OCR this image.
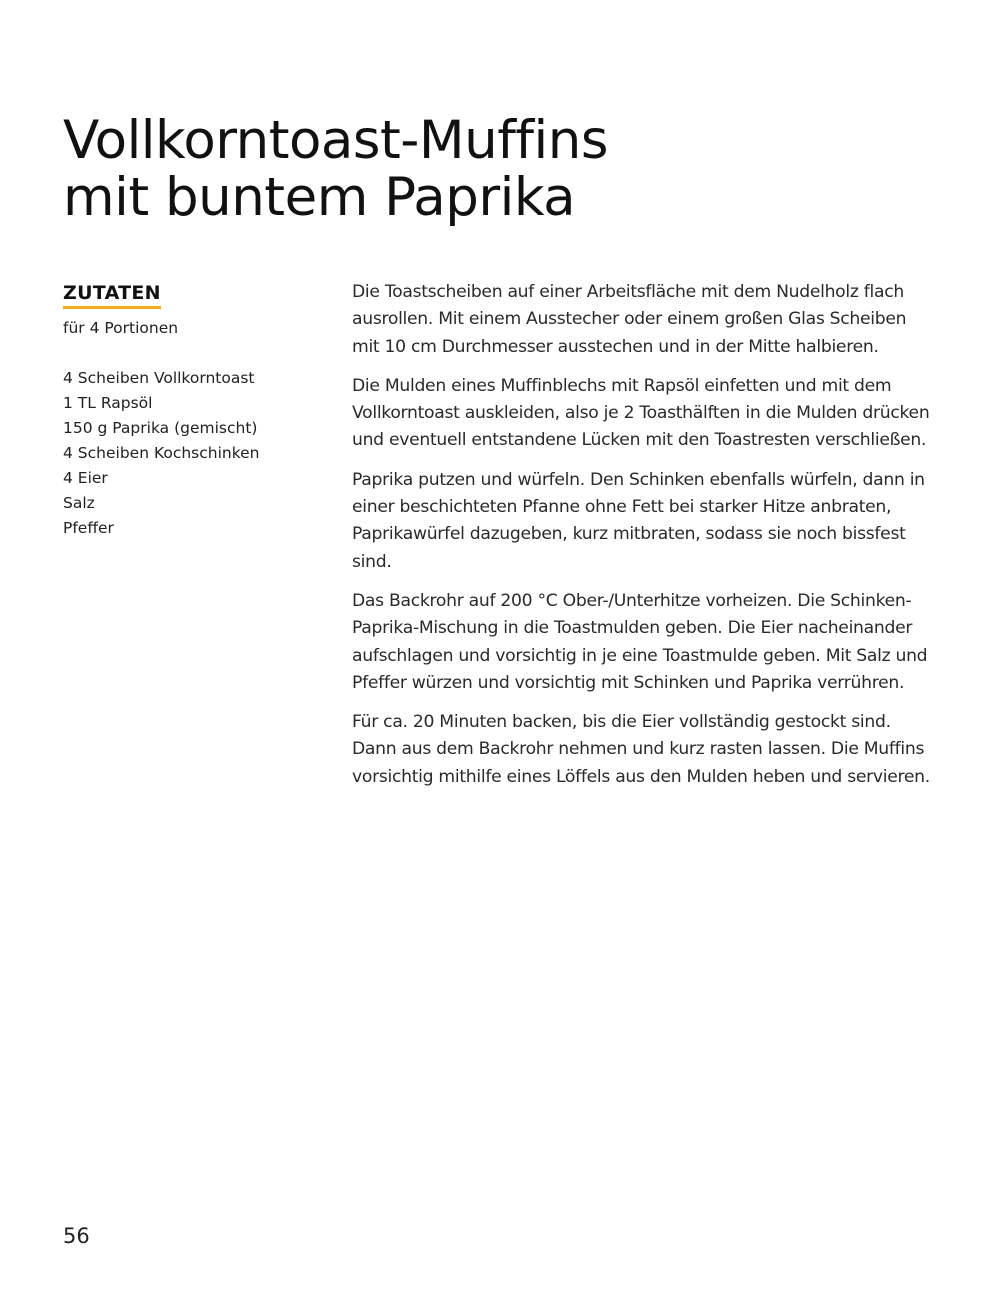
Vollkorntoast-Muffins
mit buntem Paprika
ZUTATEN

für 4 Portionen

4 Scheiben Vollkorntoast
1 TL Rapsöl
150 g Paprika (gemischt)
4 Scheiben Kochschinken
4 Eier
Salz
Pfeffer

Die Toastscheiben auf einer Arbeitsfläche mit dem Nudelholz flach ausrollen. Mit einem Ausstecher oder einem großen Glas Scheiben mit 10 cm Durchmesser ausstechen und in der Mitte halbieren.

Die Mulden eines Muffinblechs mit Rapsöl einfetten und mit dem Vollkorntoast auskleiden, also je 2 Toasthälften in die Mulden drücken und eventuell entstandene Lücken mit den Toastresten verschließen.

Paprika putzen und würfeln. Den Schinken ebenfalls würfeln, dann in einer beschichteten Pfanne ohne Fett bei starker Hitze anbraten, Paprikawürfel dazugeben, kurz mitbraten, sodass sie noch bissfest sind.

Das Backrohr auf 200 °C Ober-/Unterhitze vorheizen. Die Schinken-Paprika-Mischung in die Toastmulden geben. Die Eier nacheinander aufschlagen und vorsichtig in je eine Toastmulde geben. Mit Salz und Pfeffer würzen und vorsichtig mit Schinken und Paprika verrühren.

Für ca. 20 Minuten backen, bis die Eier vollständig gestockt sind. Dann aus dem Backrohr nehmen und kurz rasten lassen. Die Muffins vorsichtig mithilfe eines Löffels aus den Mulden heben und servieren.

56
